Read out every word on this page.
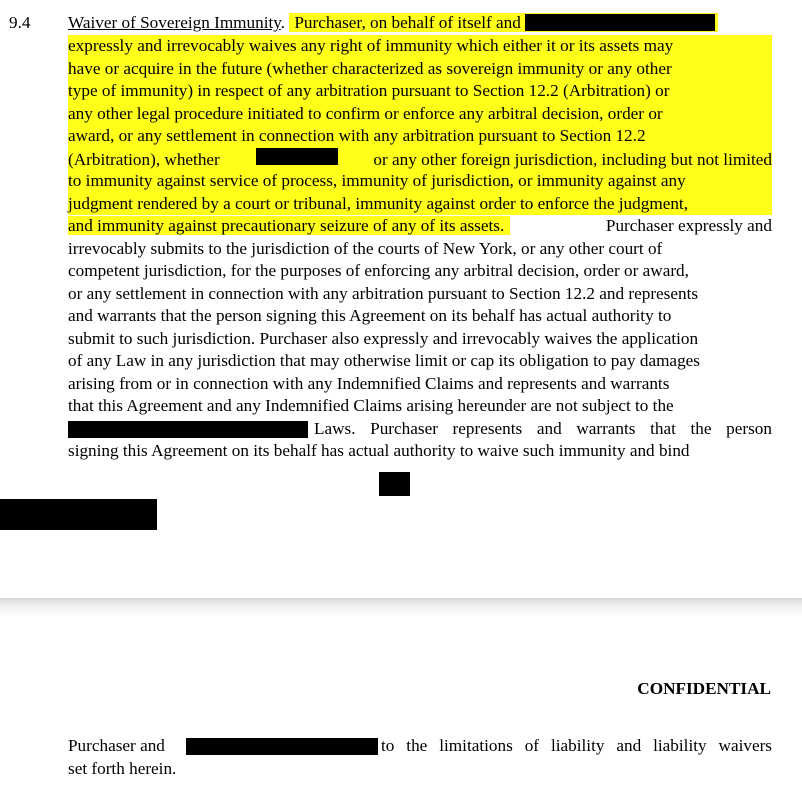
9.4 Waiver of Sovereign Immunity. Purchaser, on behalf of itself and
expressly and irrevocably waives any right of immunity which either it or its assets may
have or acquire in the future (whether characterized as sovereign immunity or any other
type of immunity) in respect of any arbitration pursuant to Section 12.2 (Arbitration) or
any other legal procedure initiated to confirm or enforce any arbitral decision, order or
award, or any settlement in connection with any arbitration pursuant to Section 12.2
(Arbitration), whether	or any other foreign jurisdiction, including but not limited
to immunity against service of process, immunity of jurisdiction, or immunity against any
judgment rendered by a court or tribunal, immunity against order to enforce the judgment,
and immunity against precautionary seizure of any of its assets.	Purchaser expressly and
irrevocably submits to the jurisdiction of the courts of New York, or any other court of
competent jurisdiction, for the purposes of enforcing any arbitral decision, order or award,
or any settlement in connection with any arbitration pursuant to Section 12.2 and represents
and warrants that the person signing this Agreement on its behalf has actual authority to
submit to such jurisdiction. Purchaser also expressly and irrevocably waives the application
of any Law in any jurisdiction that may otherwise limit or cap its obligation to pay damages
arising from or in connection with any Indemnified Claims and represents and warrants
that this Agreement and any Indemnified Claims arising hereunder are not subject to the
Laws. Purchaser represents and warrants that the person
signing this Agreement on its behalf has actual authority to waive such immunity and bind
CONFIDENTIAL
Purchaser and	to the limitations of liability and liability waivers
set forth herein.
